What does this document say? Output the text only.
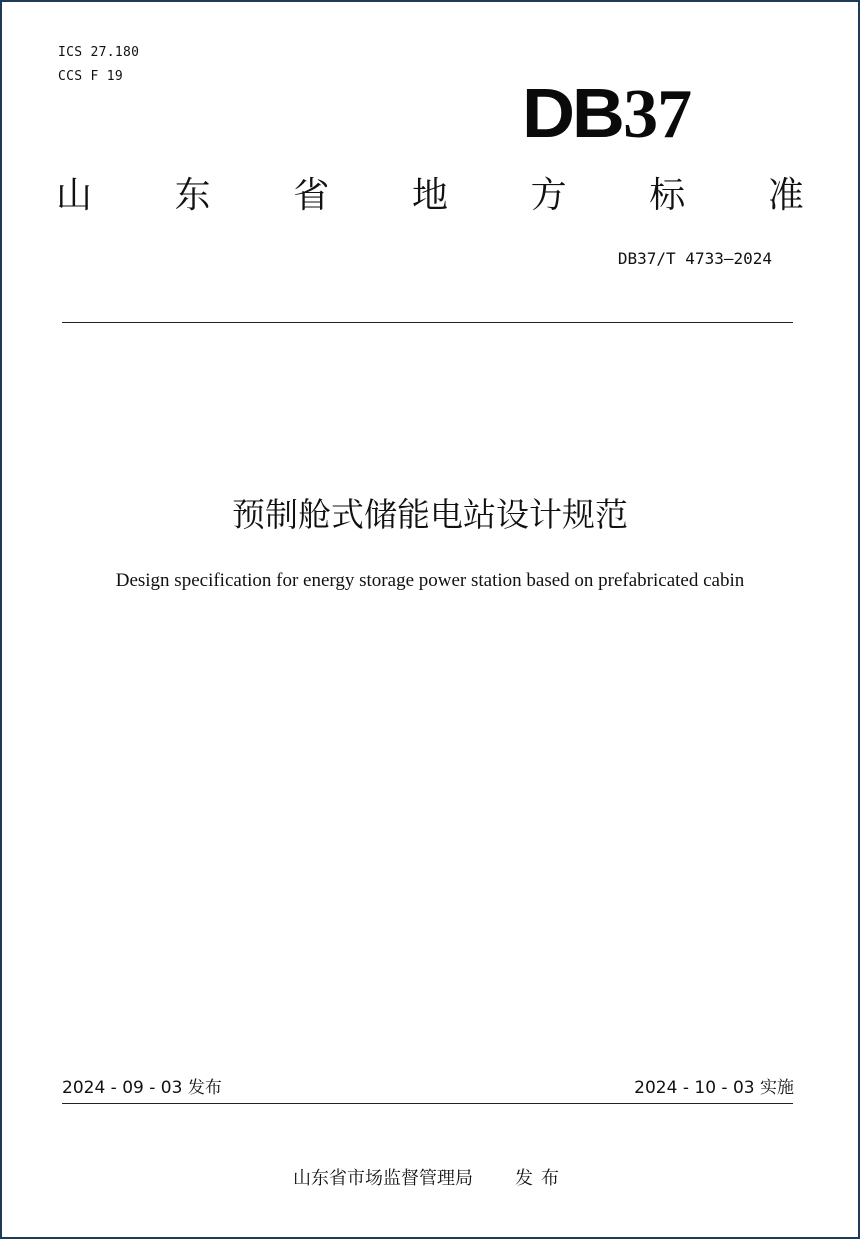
ICS 27.180
CCS F 19	DB37
山 东 省 地 方 标 准
DB37/T 4733—2024
预制舱式储能电站设计规范
Design specification for energy storage power station based on prefabricated cabin
2024 - 09 - 03 发布	2024 - 10 - 03 实施
山东省市场监督管理局 发布
